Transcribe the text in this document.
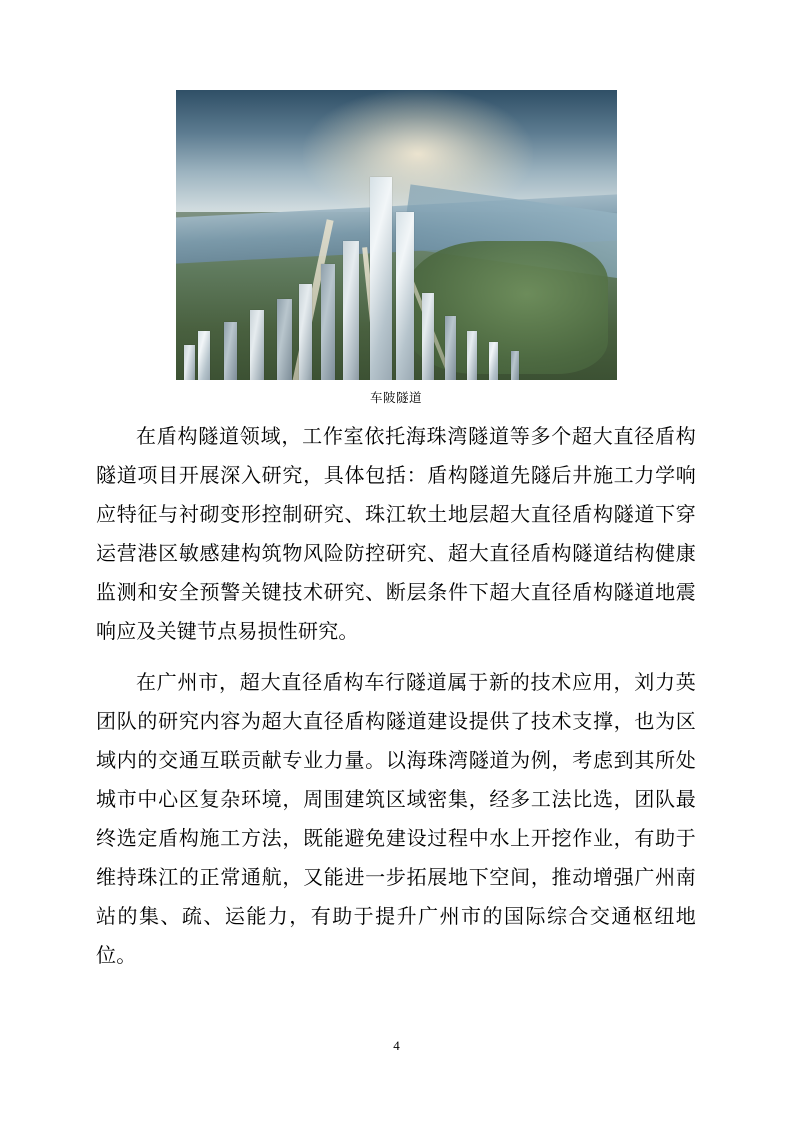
车陂隧道

在盾构隧道领域，工作室依托海珠湾隧道等多个超大直径盾构隧道项目开展深入研究，具体包括：盾构隧道先隧后井施工力学响应特征与衬砌变形控制研究、珠江软土地层超大直径盾构隧道下穿运营港区敏感建构筑物风险防控研究、超大直径盾构隧道结构健康监测和安全预警关键技术研究、断层条件下超大直径盾构隧道地震响应及关键节点易损性研究。

在广州市，超大直径盾构车行隧道属于新的技术应用，刘力英团队的研究内容为超大直径盾构隧道建设提供了技术支撑，也为区域内的交通互联贡献专业力量。以海珠湾隧道为例，考虑到其所处城市中心区复杂环境，周围建筑区域密集，经多工法比选，团队最终选定盾构施工方法，既能避免建设过程中水上开挖作业，有助于维持珠江的正常通航，又能进一步拓展地下空间，推动增强广州南站的集、疏、运能力，有助于提升广州市的国际综合交通枢纽地位。

4
